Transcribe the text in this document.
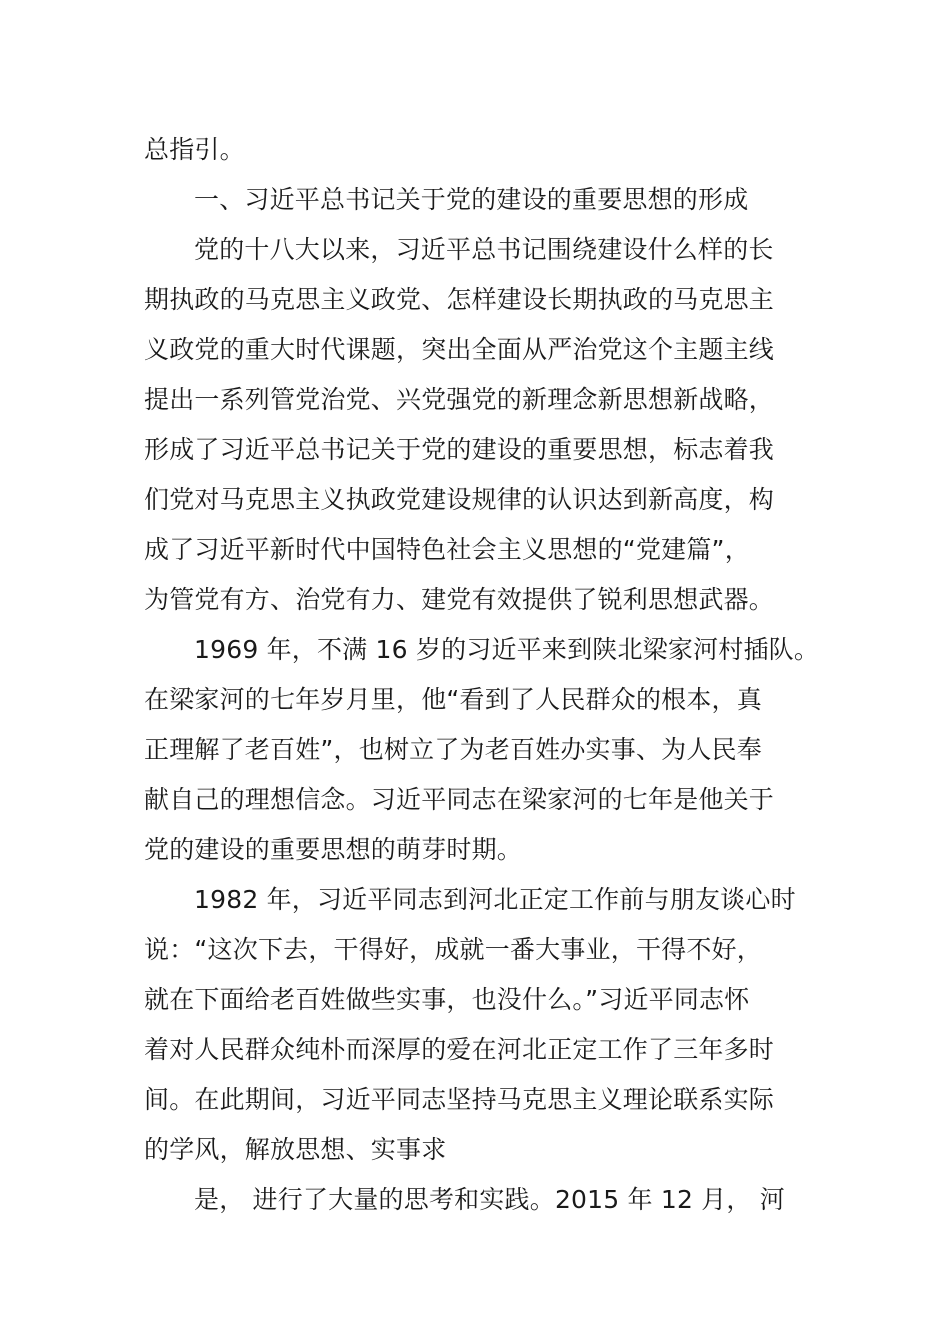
总指引。
一、习近平总书记关于党的建设的重要思想的形成
党的十八大以来，习近平总书记围绕建设什么样的长
期执政的马克思主义政党、怎样建设长期执政的马克思主
义政党的重大时代课题，突出全面从严治党这个主题主线
提出一系列管党治党、兴党强党的新理念新思想新战略，
形成了习近平总书记关于党的建设的重要思想，标志着我
们党对马克思主义执政党建设规律的认识达到新高度，构
成了习近平新时代中国特色社会主义思想的“党建篇”，
为管党有方、治党有力、建党有效提供了锐利思想武器。
1969 年，不满 16 岁的习近平来到陕北梁家河村插队。
在梁家河的七年岁月里，他“看到了人民群众的根本，真
正理解了老百姓”，也树立了为老百姓办实事、为人民奉
献自己的理想信念。习近平同志在梁家河的七年是他关于
党的建设的重要思想的萌芽时期。
1982 年，习近平同志到河北正定工作前与朋友谈心时
说：“这次下去，干得好，成就一番大事业，干得不好，
就在下面给老百姓做些实事，也没什么。”习近平同志怀
着对人民群众纯朴而深厚的爱在河北正定工作了三年多时
间。在此期间，习近平同志坚持马克思主义理论联系实际
的学风，解放思想、实事求
是， 进行了大量的思考和实践。2015 年 12 月， 河
